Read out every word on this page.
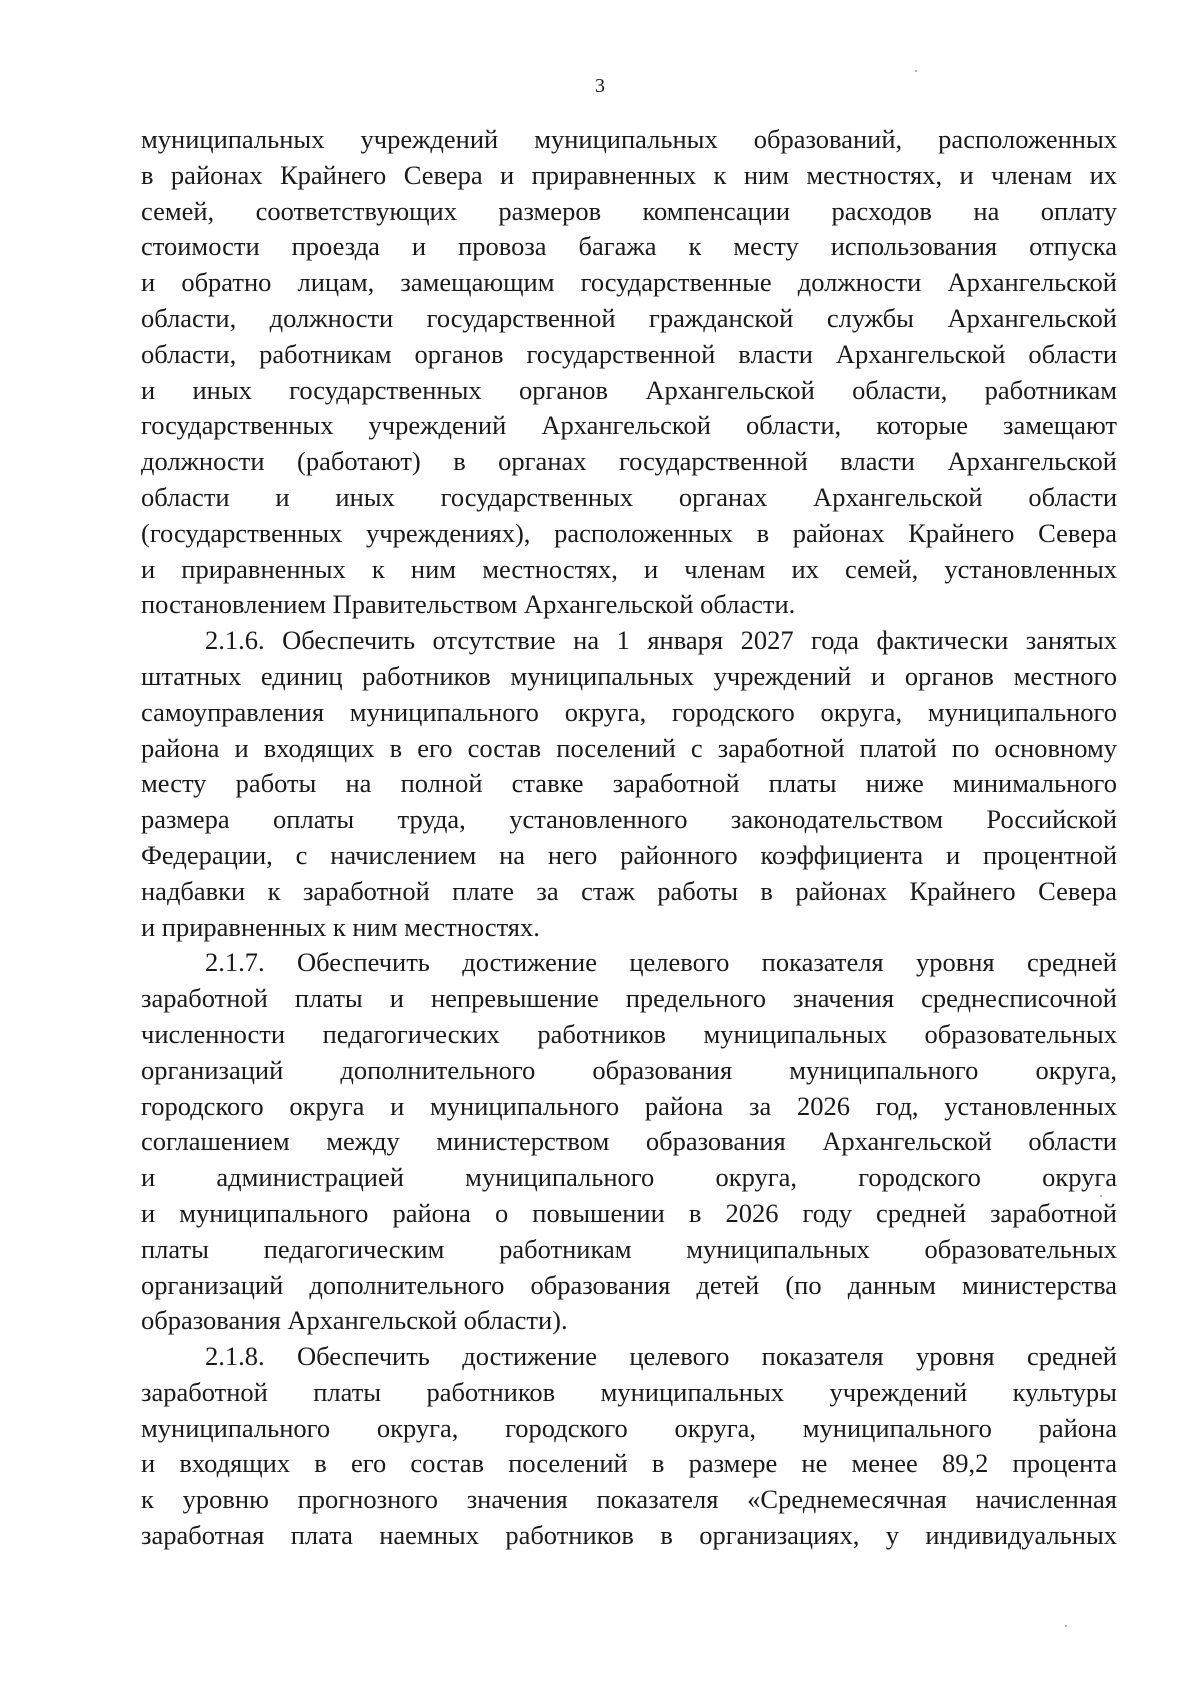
3
муниципальных учреждений муниципальных образований, расположенных
в районах Крайнего Севера и приравненных к ним местностях, и членам их
семей, соответствующих размеров компенсации расходов на оплату
стоимости проезда и провоза багажа к месту использования отпуска
и обратно лицам, замещающим государственные должности Архангельской
области, должности государственной гражданской службы Архангельской
области, работникам органов государственной власти Архангельской области
и иных государственных органов Архангельской области, работникам
государственных учреждений Архангельской области, которые замещают
должности (работают) в органах государственной власти Архангельской
области и иных государственных органах Архангельской области
(государственных учреждениях), расположенных в районах Крайнего Севера
и приравненных к ним местностях, и членам их семей, установленных
постановлением Правительством Архангельской области.
2.1.6. Обеспечить отсутствие на 1 января 2027 года фактически занятых
штатных единиц работников муниципальных учреждений и органов местного
самоуправления муниципального округа, городского округа, муниципального
района и входящих в его состав поселений с заработной платой по основному
месту работы на полной ставке заработной платы ниже минимального
размера оплаты труда, установленного законодательством Российской
Федерации, с начислением на него районного коэффициента и процентной
надбавки к заработной плате за стаж работы в районах Крайнего Севера
и приравненных к ним местностях.
2.1.7. Обеспечить достижение целевого показателя уровня средней
заработной платы и непревышение предельного значения среднесписочной
численности педагогических работников муниципальных образовательных
организаций дополнительного образования муниципального округа,
городского округа и муниципального района за 2026 год, установленных
соглашением между министерством образования Архангельской области
и администрацией муниципального округа, городского округа
и муниципального района о повышении в 2026 году средней заработной
платы педагогическим работникам муниципальных образовательных
организаций дополнительного образования детей (по данным министерства
образования Архангельской области).
2.1.8. Обеспечить достижение целевого показателя уровня средней
заработной платы работников муниципальных учреждений культуры
муниципального округа, городского округа, муниципального района
и входящих в его состав поселений в размере не менее 89,2 процента
к уровню прогнозного значения показателя «Среднемесячная начисленная
заработная плата наемных работников в организациях, у индивидуальных
